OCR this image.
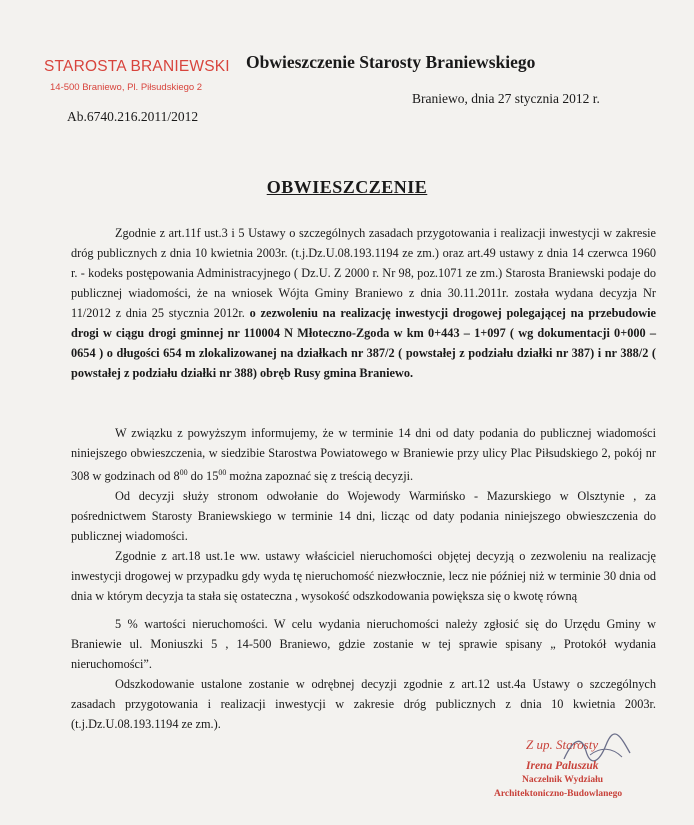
STAROSTA BRANIEWSKI
14-500 Braniewo, Pl. Piłsudskiego 2
Obwieszczenie Starosty Braniewskiego
Braniewo, dnia 27 stycznia 2012 r.
Ab.6740.216.2011/2012
OBWIESZCZENIE

Zgodnie z art.11f ust.3 i 5 Ustawy o szczególnych zasadach przygotowania i realizacji inwestycji w zakresie dróg publicznych z dnia 10 kwietnia 2003r. (t.j.Dz.U.08.193.1194 ze zm.) oraz art.49 ustawy z dnia 14 czerwca 1960 r. - kodeks postępowania Administracyjnego ( Dz.U. Z 2000 r. Nr 98, poz.1071 ze zm.) Starosta Braniewski podaje do publicznej wiadomości, że na wniosek Wójta Gminy Braniewo z dnia 30.11.2011r. została wydana decyzja Nr 11/2012 z dnia 25 stycznia 2012r. o zezwoleniu na realizację inwestycji drogowej polegającej na przebudowie drogi w ciągu drogi gminnej nr 110004 N Młoteczno-Zgoda w km 0+443 – 1+097 ( wg dokumentacji 0+000 – 0654 ) o długości 654 m zlokalizowanej na działkach nr 387/2 ( powstałej z podziału działki nr 387) i nr 388/2 ( powstałej z podziału działki nr 388) obręb Rusy gmina Braniewo.

W związku z powyższym informujemy, że w terminie 14 dni od daty podania do publicznej wiadomości niniejszego obwieszczenia, w siedzibie Starostwa Powiatowego w Braniewie przy ulicy Plac Piłsudskiego 2, pokój nr 308 w godzinach od $8^{00}$ do $15^{00}$ można zapoznać się z treścią decyzji.

Od decyzji służy stronom odwołanie do Wojewody Warmińsko - Mazurskiego w Olsztynie , za pośrednictwem Starosty Braniewskiego w terminie 14 dni, licząc od daty podania niniejszego obwieszczenia do publicznej wiadomości.

Zgodnie z art.18 ust.1e ww. ustawy właściciel nieruchomości objętej decyzją o zezwoleniu na realizację inwestycji drogowej w przypadku gdy wyda tę nieruchomość niezwłocznie, lecz nie później niż w terminie 30 dnia od dnia w którym decyzja ta stała się ostateczna , wysokość odszkodowania powiększa się o kwotę równą

5 % wartości nieruchomości. W celu wydania nieruchomości należy zgłosić się do Urzędu Gminy w Braniewie ul. Moniuszki 5 , 14-500 Braniewo, gdzie zostanie w tej sprawie spisany „ Protokół wydania nieruchomości”.

Odszkodowanie ustalone zostanie w odrębnej decyzji zgodnie z art.12 ust.4a Ustawy o szczególnych zasadach przygotowania i realizacji inwestycji w zakresie dróg publicznych z dnia 10 kwietnia 2003r. (t.j.Dz.U.08.193.1194 ze zm.).

Z up. Starosty
Irena Paluszuk
Naczelnik Wydziału
Architektoniczno-Budowlanego
